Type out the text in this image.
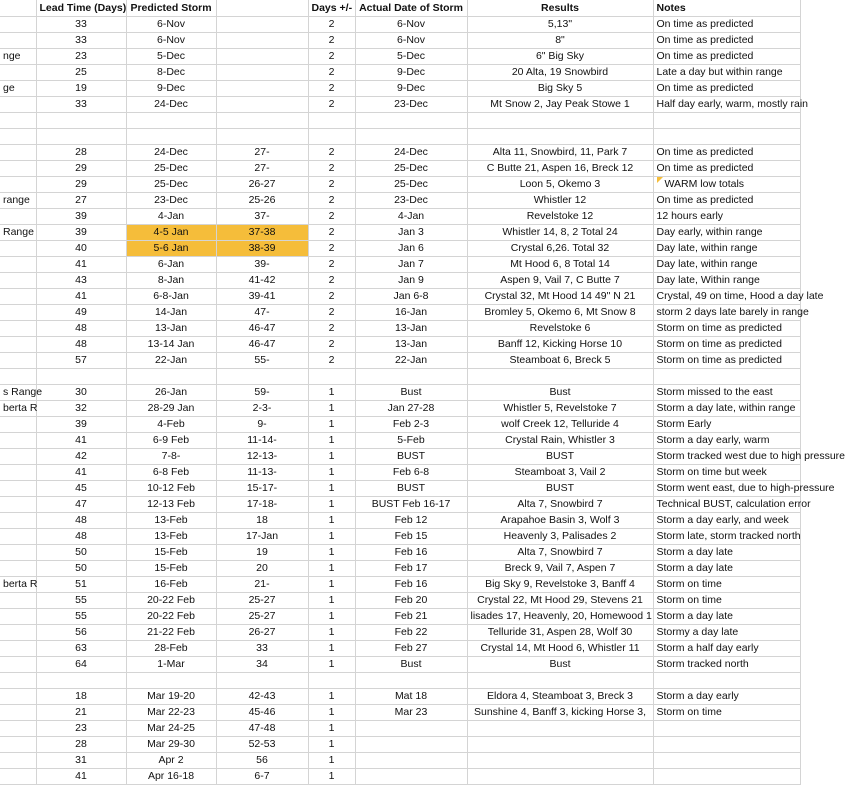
	Lead Time (Days)	Predicted Storm		Days +/-	Actual Date of Storm	Results	Notes
	33	6-Nov		2	6-Nov	5,13"	On time as predicted
	33	6-Nov		2	6-Nov	8"	On time as predicted
nge	23	5-Dec		2	5-Dec	6" Big Sky	On time as predicted
	25	8-Dec		2	9-Dec	20 Alta, 19 Snowbird	Late a day but within range
ge	19	9-Dec		2	9-Dec	Big Sky 5	On time as predicted
	33	24-Dec		2	23-Dec	Mt Snow 2, Jay Peak Stowe 1	Half day early, warm, mostly rain

	28	24-Dec	27-	2	24-Dec	Alta 11, Snowbird, 11, Park 7	On time as predicted
	29	25-Dec	27-	2	25-Dec	C Butte 21, Aspen 16, Breck 12	On time as predicted
	29	25-Dec	26-27	2	25-Dec	Loon 5, Okemo 3	WARM low totals
range	27	23-Dec	25-26	2	23-Dec	Whistler 12	On time as predicted
	39	4-Jan	37-	2	4-Jan	Revelstoke 12	12 hours early
Range	39	4-5 Jan	37-38	2	Jan 3	Whistler 14, 8, 2 Total 24	Day early, within range
	40	5-6 Jan	38-39	2	Jan 6	Crystal 6,26. Total 32	Day late, within range
	41	6-Jan	39-	2	Jan 7	Mt Hood 6, 8 Total 14	Day late, within range
	43	8-Jan	41-42	2	Jan 9	Aspen 9, Vail 7, C Butte 7	Day late, Within range
	41	6-8-Jan	39-41	2	Jan 6-8	Crystal 32, Mt Hood 14 49" N 21	Crystal, 49 on time, Hood a day late
	49	14-Jan	47-	2	16-Jan	Bromley 5, Okemo 6, Mt Snow 8	storm 2 days late barely in range
	48	13-Jan	46-47	2	13-Jan	Revelstoke 6	Storm on time as predicted
	48	13-14 Jan	46-47	2	13-Jan	Banff 12, Kicking Horse 10	Storm on time as predicted
	57	22-Jan	55-	2	22-Jan	Steamboat 6, Breck 5	Storm on time as predicted

s Range	30	26-Jan	59-	1	Bust	Bust	Storm missed to the east
berta R	32	28-29 Jan	2-3-	1	Jan 27-28	Whistler 5, Revelstoke 7	Storm a day late, within range
	39	4-Feb	9-	1	Feb 2-3	wolf Creek 12, Telluride 4	Storm Early
	41	6-9 Feb	11-14-	1	5-Feb	Crystal Rain, Whistler 3	Storm a day early, warm
	42	7-8-	12-13-	1	BUST	BUST	Storm tracked west due to high pressure
	41	6-8 Feb	11-13-	1	Feb 6-8	Steamboat 3, Vail 2	Storm on time but week
	45	10-12 Feb	15-17-	1	BUST	BUST	Storm went east, due to high-pressure
	47	12-13 Feb	17-18-	1	BUST Feb 16-17	Alta 7, Snowbird 7	Technical BUST, calculation error
	48	13-Feb	18	1	Feb 12	Arapahoe Basin 3, Wolf 3	Storm a day early, and week
	48	13-Feb	17-Jan	1	Feb 15	Heavenly 3, Palisades 2	Storm late, storm tracked north
	50	15-Feb	19	1	Feb 16	Alta 7, Snowbird 7	Storm a day late
	50	15-Feb	20	1	Feb 17	Breck 9, Vail 7, Aspen 7	Storm a day late
berta R	51	16-Feb	21-	1	Feb 16	Big Sky 9, Revelstoke 3, Banff 4	Storm on time
	55	20-22 Feb	25-27	1	Feb 20	Crystal 22, Mt Hood 29, Stevens 21	Storm on time
	55	20-22 Feb	25-27	1	Feb 21	lisades 17, Heavenly, 20, Homewood 1	Storm a day late
	56	21-22 Feb	26-27	1	Feb 22	Telluride 31, Aspen 28, Wolf 30	Stormy a day late
	63	28-Feb	33	1	Feb 27	Crystal 14, Mt Hood 6, Whistler 11	Storm a half day early
	64	1-Mar	34	1	Bust	Bust	Storm tracked north

	18	Mar 19-20	42-43	1	Mat 18	Eldora 4, Steamboat 3, Breck 3	Storm a day early
	21	Mar 22-23	45-46	1	Mar 23	Sunshine 4, Banff 3, kicking Horse 3,	Storm on time
	23	Mar 24-25	47-48	1			
	28	Mar 29-30	52-53	1			
	31	Apr 2	56	1			
	41	Apr 16-18	6-7	1			
